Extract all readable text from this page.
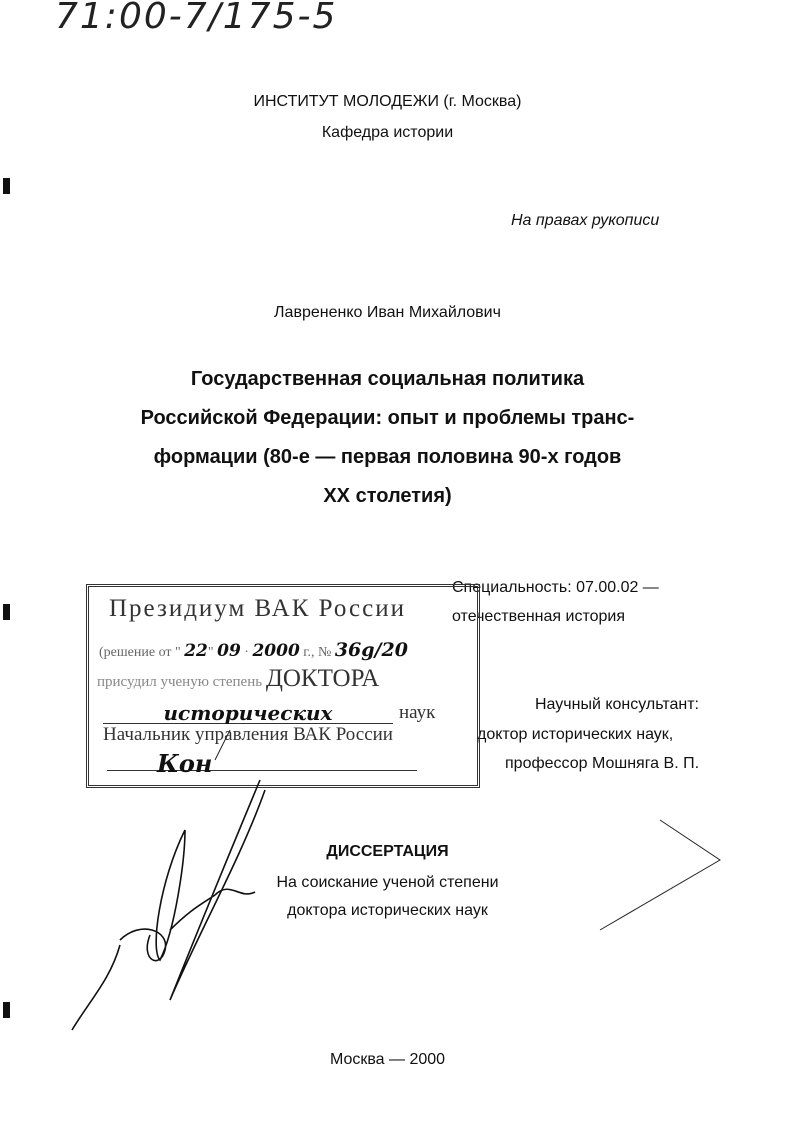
71:00-7/175-5
ИНСТИТУТ МОЛОДЕЖИ (г. Москва)
Кафедра истории
На правах рукописи
Лаврененко Иван Михайлович
Государственная социальная политика
Российской Федерации: опыт и проблемы транс-
формации (80-е — первая половина 90-х годов
XX столетия)
Специальность: 07.00.02 —
отечественная история
Научный консультант:
доктор исторических наук,
профессор Мошняга В. П.
Президиум ВАК России
(решение от " 22" 09 · 2000 г., № 36g/20
присудил ученую степень ДОКТОРА
исторических	наук
Начальник управления ВАК России
Кон
ДИССЕРТАЦИЯ
На соискание ученой степени
доктора исторических наук
Москва — 2000
